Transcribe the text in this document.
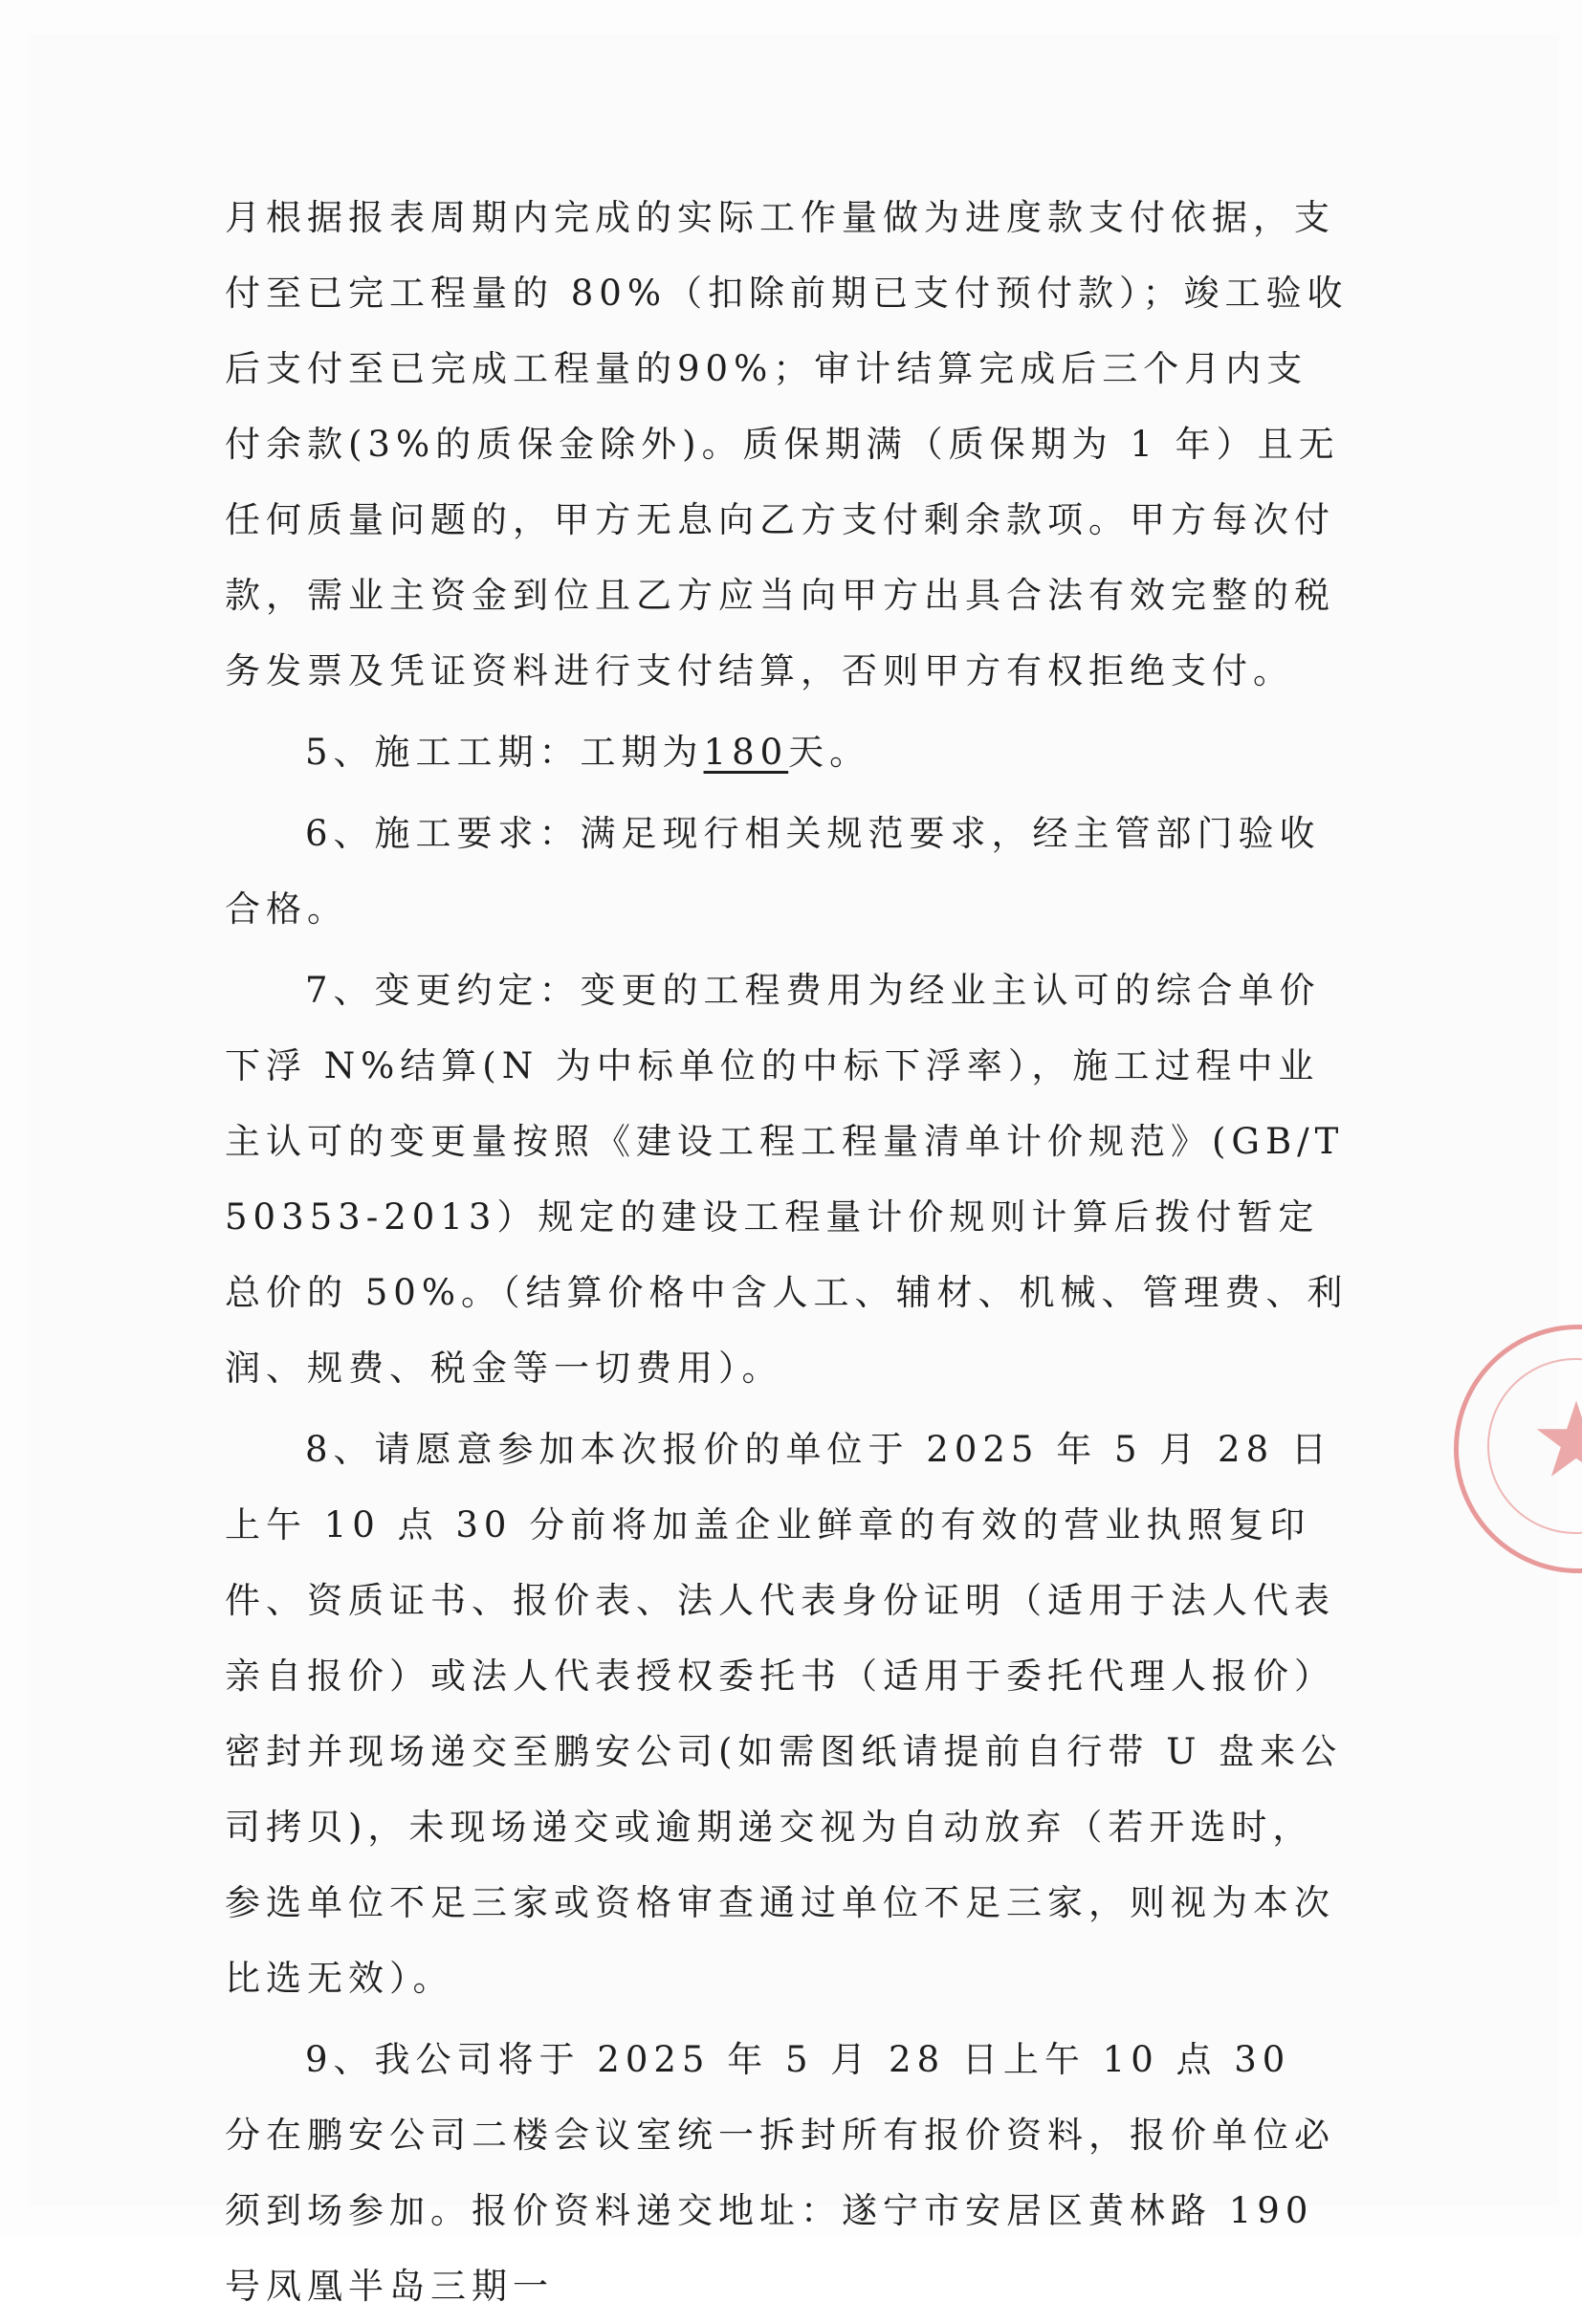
月根据报表周期内完成的实际工作量做为进度款支付依据，支付至已完工程量的 80%（扣除前期已支付预付款）；竣工验收后支付至已完成工程量的90%；审计结算完成后三个月内支付余款(3%的质保金除外)。质保期满（质保期为 1 年）且无任何质量问题的，甲方无息向乙方支付剩余款项。甲方每次付款，需业主资金到位且乙方应当向甲方出具合法有效完整的税务发票及凭证资料进行支付结算，否则甲方有权拒绝支付。

5、施工工期：工期为180天。

6、施工要求：满足现行相关规范要求，经主管部门验收合格。

7、变更约定：变更的工程费用为经业主认可的综合单价下浮 N%结算(N 为中标单位的中标下浮率），施工过程中业主认可的变更量按照《建设工程工程量清单计价规范》(GB/T50353-2013）规定的建设工程量计价规则计算后拨付暂定总价的 50%。（结算价格中含人工、辅材、机械、管理费、利润、规费、税金等一切费用）。

8、请愿意参加本次报价的单位于 2025 年 5 月 28 日上午 10 点 30 分前将加盖企业鲜章的有效的营业执照复印件、资质证书、报价表、法人代表身份证明（适用于法人代表亲自报价）或法人代表授权委托书（适用于委托代理人报价）密封并现场递交至鹏安公司(如需图纸请提前自行带 U 盘来公司拷贝)，未现场递交或逾期递交视为自动放弃（若开选时，参选单位不足三家或资格审查通过单位不足三家，则视为本次比选无效）。

9、我公司将于 2025 年 5 月 28 日上午 10 点 30 分在鹏安公司二楼会议室统一拆封所有报价资料，报价单位必须到场参加。报价资料递交地址：遂宁市安居区黄林路 190 号凤凰半岛三期一
